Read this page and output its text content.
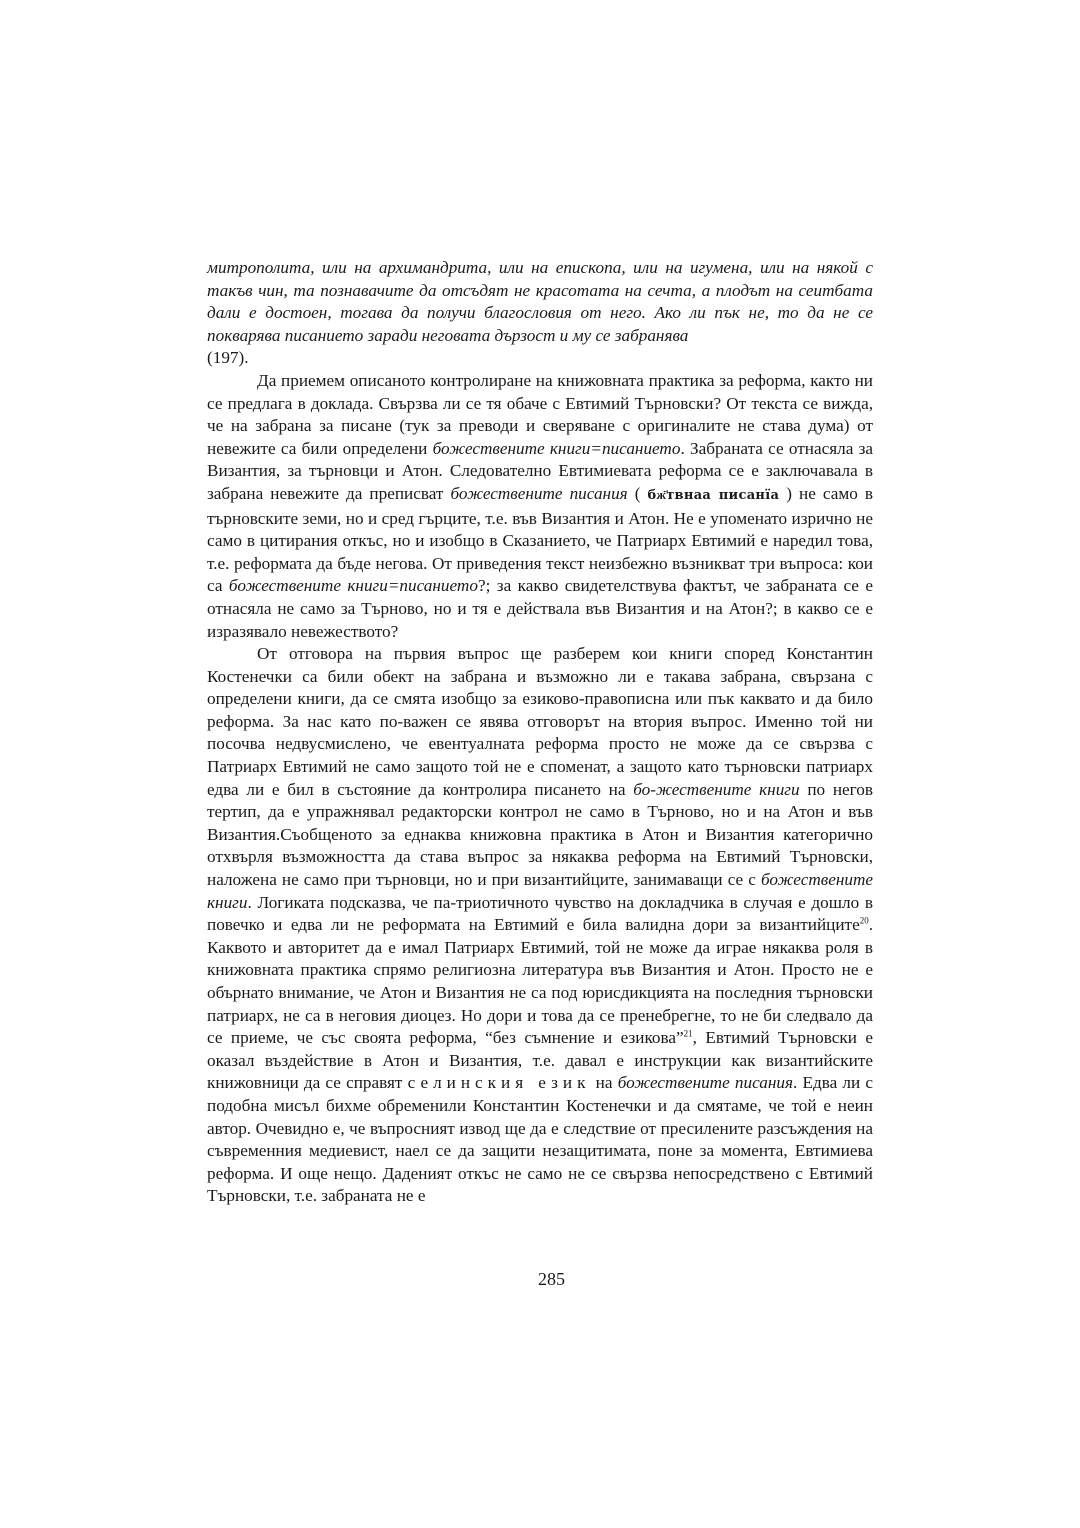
митрополита, или на архимандрита, или на епископа, или на игумена, или на някой с такъв чин, та познавачите да отсъдят не красотата на сечта, а плодът на сеитбата дали е достоен, тогава да получи благословия от него. Ако ли пък не, то да не се покварява писанието заради неговата дързост и му се забранява
(197).

Да приемем описаното контролиране на книжовната практика за реформа, както ни се предлага в доклада. Свързва ли се тя обаче с Евтимий Търновски? От текста се вижда, че на забрана за писане (тук за преводи и сверяване с оригиналите не става дума) от невежите са били определени божествените книги=писанието. Забраната се отнасяла за Византия, за търновци и Атон. Следователно Евтимиевата реформа се е заключавала в забрана невежите да преписват божествените писания ( бж҃твнаа писанїа ) не само в търновските земи, но и сред гърците, т.е. във Византия и Атон. Не е упоменато изрично не само в цитирания откъс, но и изобщо в Сказанието, че Патриарх Евтимий е наредил това, т.е. реформата да бъде негова. От приведения текст неизбежно възникват три въпроса: кои са божествените книги=писанието?; за какво свидетелствува фактът, че забраната се е отнасяла не само за Търново, но и тя е действала във Византия и на Атон?; в какво се е изразявало невежеството?

От отговора на първия въпрос ще разберем кои книги според Константин Костенечки са били обект на забрана и възможно ли е такава забрана, свързана с определени книги, да се смята изобщо за езиково-правописна или пък каквато и да било реформа. За нас като по-важен се явява отговорът на втория въпрос. Именно той ни посочва недвусмислено, че евентуалната реформа просто не може да се свързва с Патриарх Евтимий не само защото той не е споменат, а защото като търновски патриарх едва ли е бил в състояние да контролира писането на бо-жествените книги по негов тертип, да е упражнявал редакторски контрол не само в Търново, но и на Атон и във Византия.Съобщеното за еднаква книжовна практика в Атон и Византия категорично отхвърля възможността да става въпрос за някаква реформа на Евтимий Търновски, наложена не само при търновци, но и при византийците, занимаващи се с божествените книги. Логиката подсказва, че па-триотичното чувство на докладчика в случая е дошло в повечко и едва ли не реформата на Евтимий е била валидна дори за византийците$^{20}$. Каквото и авторитет да е имал Патриарх Евтимий, той не може да играе някаква роля в книжовната практика спрямо религиозна литература във Византия и Атон. Просто не е обърнато внимание, че Атон и Византия не са под юрисдикцията на последния търновски патриарх, не са в неговия диоцез. Но дори и това да се пренебрегне, то не би следвало да се приеме, че със своята реформа, “без съмнение и езикова”$^{21}$, Евтимий Търновски е оказал въздействие в Атон и Византия, т.е. давал е инструкции как византийските книжовници да се справят с елинския език на божествените писания. Едва ли с подобна мисъл бихме обременили Константин Костенечки и да смятаме, че той е неин автор. Очевидно е, че въпросният извод ще да е следствие от пресилените разсъждения на съвременния медиевист, наел се да защити незащитимата, поне за момента, Евтимиева реформа. И още нещо. Дадeният откъс не само не се свързва непосредствено с Евтимий Търновски, т.е. забраната не е

285
